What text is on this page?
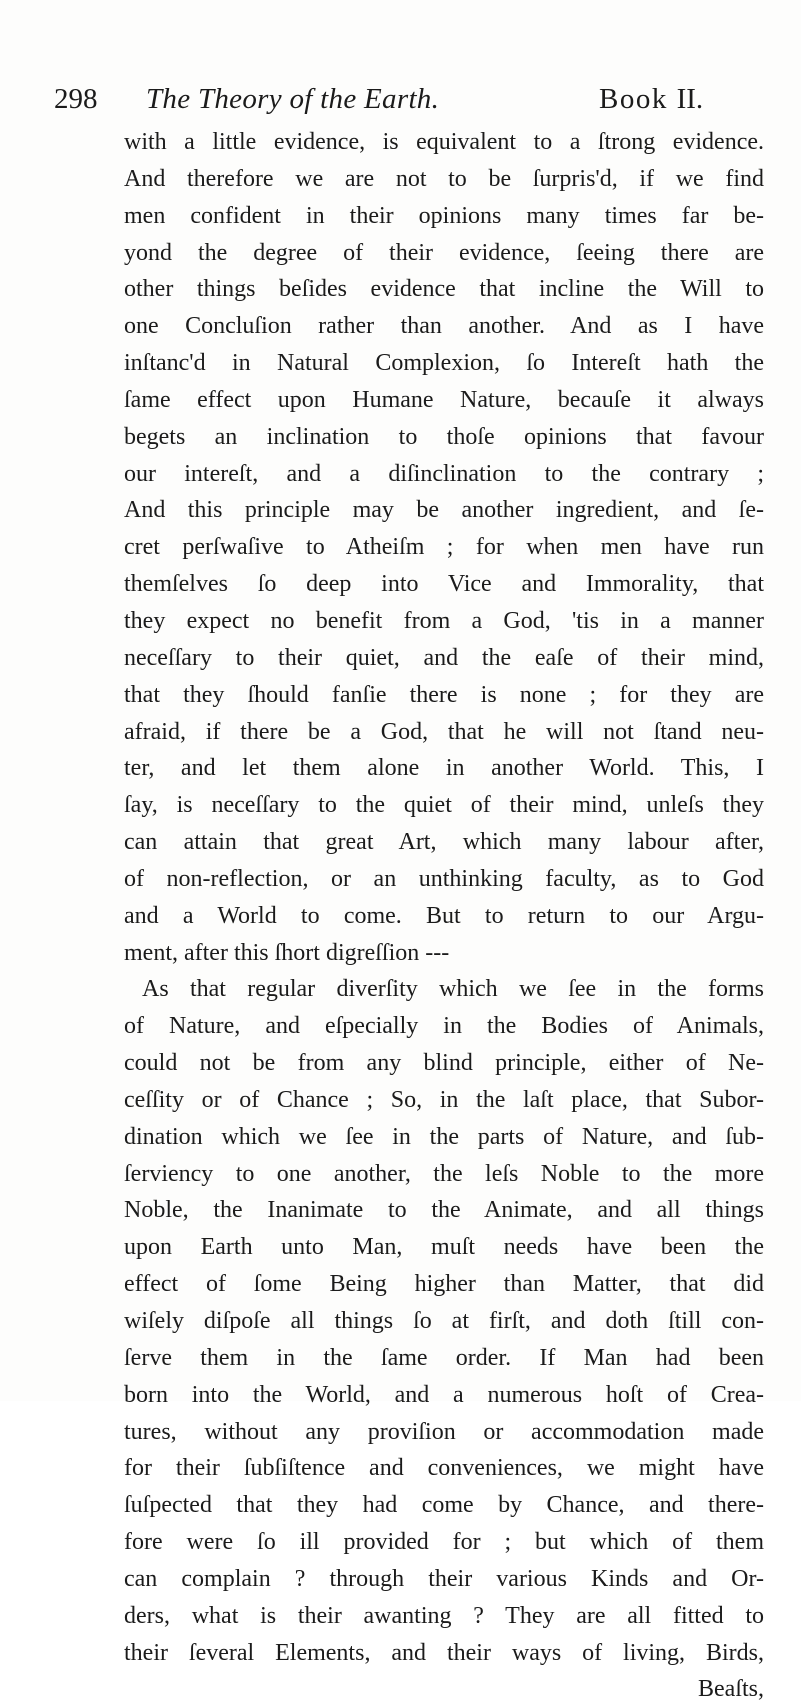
298 The Theory of the Earth.	Book II.
with a little evidence, is equivalent to a ſtrong evidence.
And therefore we are not to be ſurpris'd, if we find
men confident in their opinions many times far be-
yond the degree of their evidence, ſeeing there are
other things beſides evidence that incline the Will to
one Concluſion rather than another. And as I have
inſtanc'd in Natural Complexion, ſo Intereſt hath the
ſame effect upon Humane Nature, becauſe it always
begets an inclination to thoſe opinions that favour
our intereſt, and a diſinclination to the contrary ;
And this principle may be another ingredient, and ſe-
cret perſwaſive to Atheiſm ; for when men have run
themſelves ſo deep into Vice and Immorality, that
they expect no benefit from a God, 'tis in a manner
neceſſary to their quiet, and the eaſe of their mind,
that they ſhould fanſie there is none ; for they are
afraid, if there be a God, that he will not ſtand neu-
ter, and let them alone in another World. This, I
ſay, is neceſſary to the quiet of their mind, unleſs they
can attain that great Art, which many labour after,
of non-reflection, or an unthinking faculty, as to God
and a World to come. But to return to our Argu-
ment, after this ſhort digreſſion ---
As that regular diverſity which we ſee in the forms
of Nature, and eſpecially in the Bodies of Animals,
could not be from any blind principle, either of Ne-
ceſſity or of Chance ; So, in the laſt place, that Subor-
dination which we ſee in the parts of Nature, and ſub-
ſerviency to one another, the leſs Noble to the more
Noble, the Inanimate to the Animate, and all things
upon Earth unto Man, muſt needs have been the
effect of ſome Being higher than Matter, that did
wiſely diſpoſe all things ſo at firſt, and doth ſtill con-
ſerve them in the ſame order. If Man had been
born into the World, and a numerous hoſt of Crea-
tures, without any proviſion or accommodation made
for their ſubſiſtence and conveniences, we might have
ſuſpected that they had come by Chance, and there-
fore were ſo ill provided for ; but which of them
can complain ? through their various Kinds and Or-
ders, what is their awanting ? They are all fitted to
their ſeveral Elements, and their ways of living, Birds,
Beaſts,
